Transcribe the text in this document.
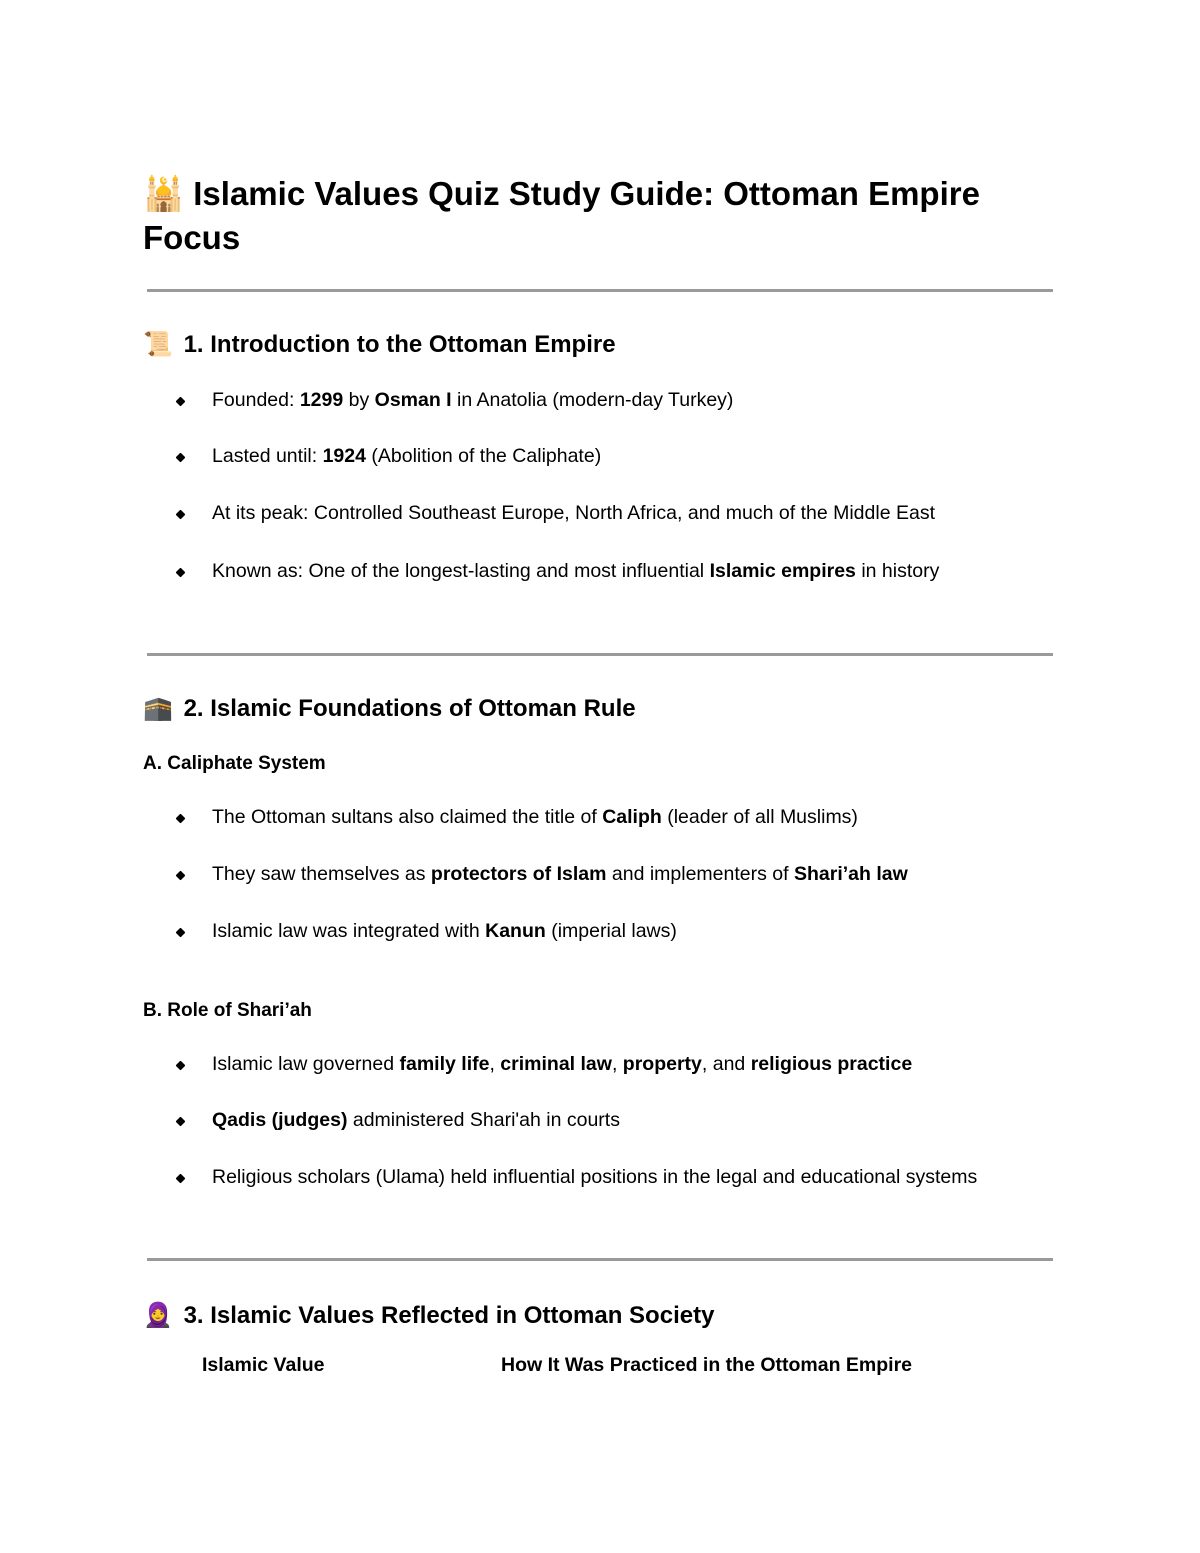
🕌 Islamic Values Quiz Study Guide: Ottoman Empire Focus
📜 1. Introduction to the Ottoman Empire
Founded: 1299 by Osman I in Anatolia (modern-day Turkey)
Lasted until: 1924 (Abolition of the Caliphate)
At its peak: Controlled Southeast Europe, North Africa, and much of the Middle East
Known as: One of the longest-lasting and most influential Islamic empires in history
🕋 2. Islamic Foundations of Ottoman Rule
A. Caliphate System
The Ottoman sultans also claimed the title of Caliph (leader of all Muslims)
They saw themselves as protectors of Islam and implementers of Shari’ah law
Islamic law was integrated with Kanun (imperial laws)
B. Role of Shari’ah
Islamic law governed family life, criminal law, property, and religious practice
Qadis (judges) administered Shari'ah in courts
Religious scholars (Ulama) held influential positions in the legal and educational systems
🧕 3. Islamic Values Reflected in Ottoman Society
Islamic Value	How It Was Practiced in the Ottoman Empire
